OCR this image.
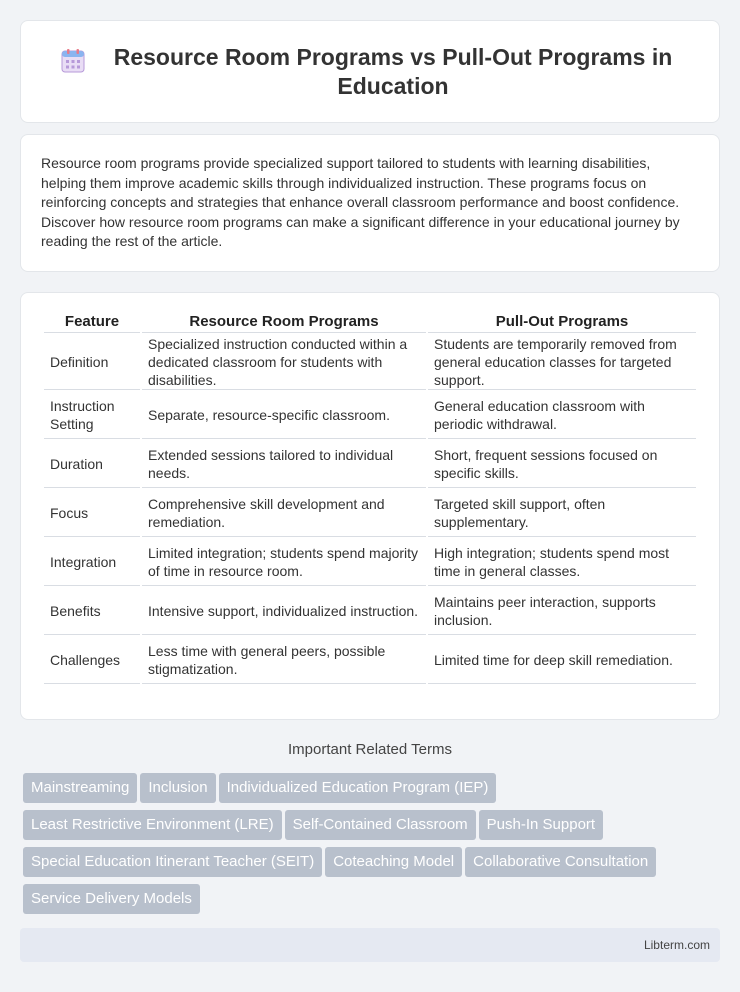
Resource Room Programs vs Pull-Out Programs in Education

Resource room programs provide specialized support tailored to students with learning disabilities, helping them improve academic skills through individualized instruction. These programs focus on reinforcing concepts and strategies that enhance overall classroom performance and boost confidence. Discover how resource room programs can make a significant difference in your educational journey by reading the rest of the article.

Feature	Resource Room Programs	Pull-Out Programs
Definition	Specialized instruction conducted within a dedicated classroom for students with disabilities.	Students are temporarily removed from general education classes for targeted support.
Instruction Setting	Separate, resource-specific classroom.	General education classroom with periodic withdrawal.
Duration	Extended sessions tailored to individual needs.	Short, frequent sessions focused on specific skills.
Focus	Comprehensive skill development and remediation.	Targeted skill support, often supplementary.
Integration	Limited integration; students spend majority of time in resource room.	High integration; students spend most time in general classes.
Benefits	Intensive support, individualized instruction.	Maintains peer interaction, supports inclusion.
Challenges	Less time with general peers, possible stigmatization.	Limited time for deep skill remediation.
Important Related Terms
Mainstreaming Inclusion Individualized Education Program (IEP)
Least Restrictive Environment (LRE) Self-Contained Classroom Push-In Support
Special Education Itinerant Teacher (SEIT) Coteaching Model Collaborative Consultation
Service Delivery Models
Libterm.com
